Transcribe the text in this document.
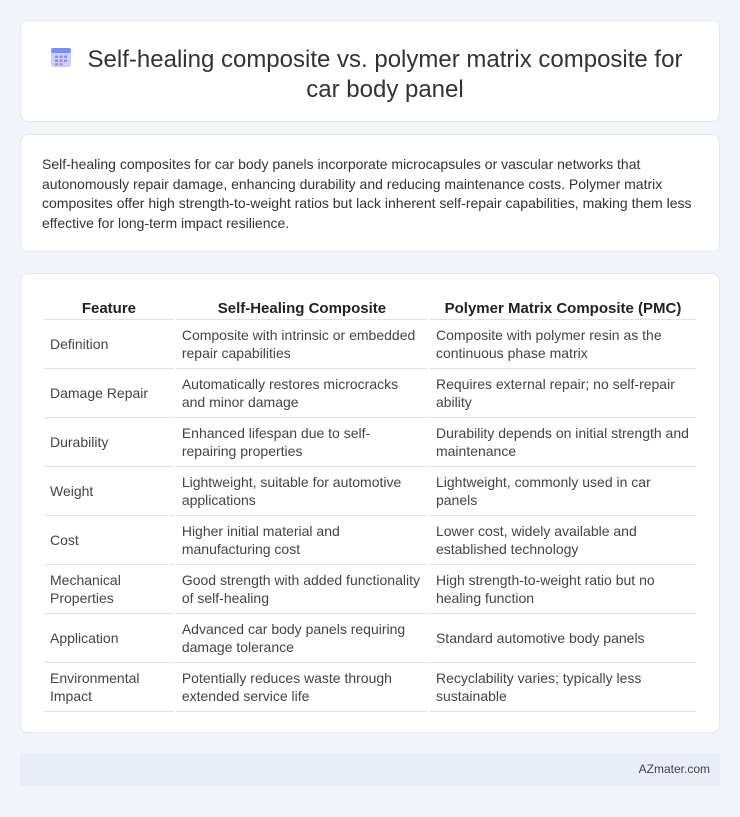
Self-healing composite vs. polymer matrix composite for car body panel

Self-healing composites for car body panels incorporate microcapsules or vascular networks that autonomously repair damage, enhancing durability and reducing maintenance costs. Polymer matrix composites offer high strength-to-weight ratios but lack inherent self-repair capabilities, making them less effective for long-term impact resilience.

Feature	Self-Healing Composite	Polymer Matrix Composite (PMC)
Definition	Composite with intrinsic or embedded repair capabilities	Composite with polymer resin as the continuous phase matrix
Damage Repair	Automatically restores microcracks and minor damage	Requires external repair; no self-repair ability
Durability	Enhanced lifespan due to self-repairing properties	Durability depends on initial strength and maintenance
Weight	Lightweight, suitable for automotive applications	Lightweight, commonly used in car panels
Cost	Higher initial material and manufacturing cost	Lower cost, widely available and established technology
Mechanical Properties	Good strength with added functionality of self-healing	High strength-to-weight ratio but no healing function
Application	Advanced car body panels requiring damage tolerance	Standard automotive body panels
Environmental Impact	Potentially reduces waste through extended service life	Recyclability varies; typically less sustainable
AZmater.com
